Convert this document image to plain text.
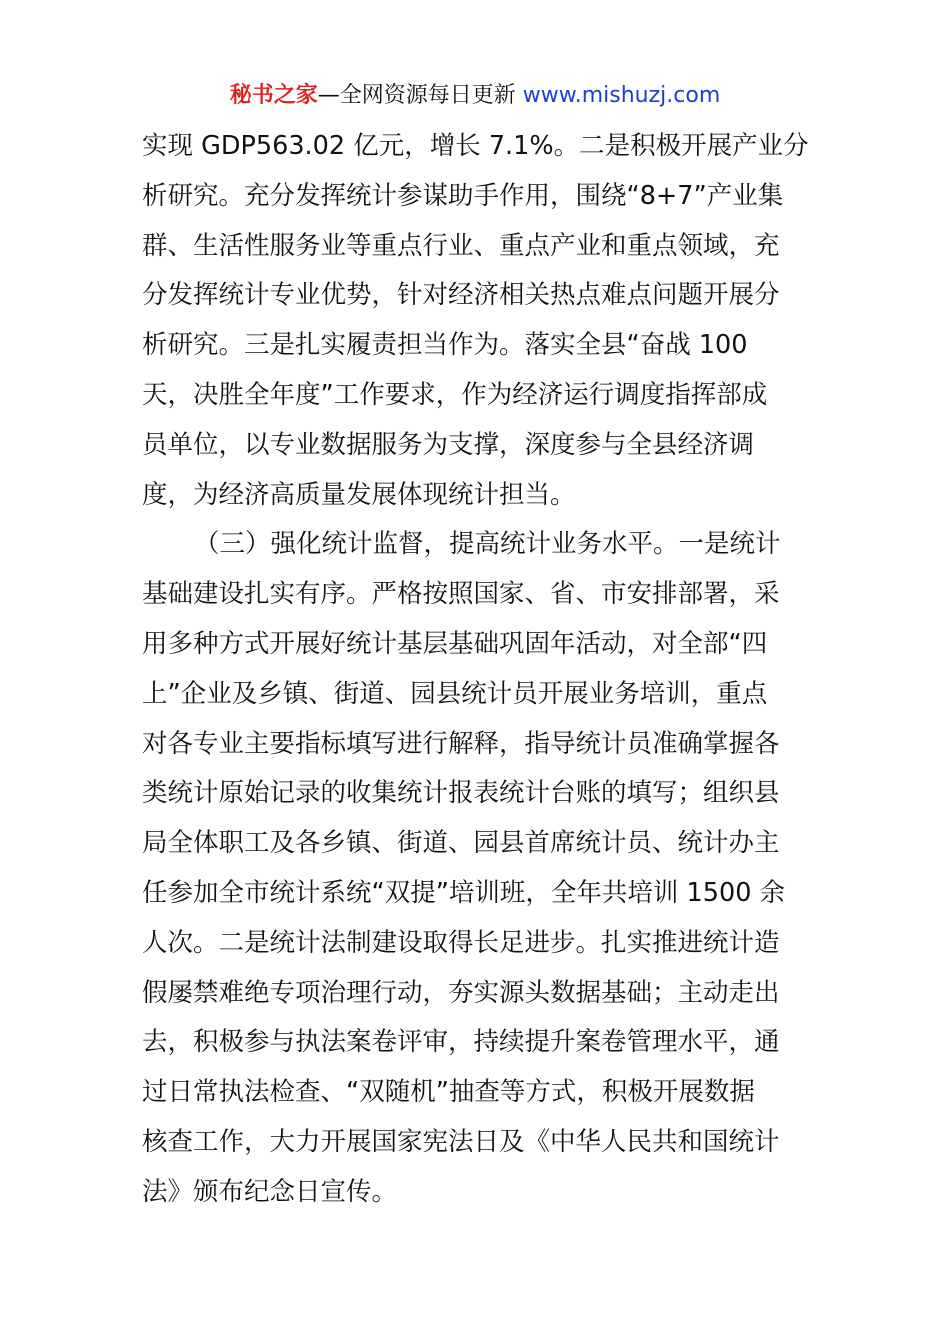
秘书之家—全网资源每日更新 www.mishuzj.com
实现 GDP563.02 亿元，增长 7.1%。二是积极开展产业分
析研究。充分发挥统计参谋助手作用，围绕“8+7”产业集
群、生活性服务业等重点行业、重点产业和重点领域，充
分发挥统计专业优势，针对经济相关热点难点问题开展分
析研究。三是扎实履责担当作为。落实全县“奋战 100
天，决胜全年度”工作要求，作为经济运行调度指挥部成
员单位，以专业数据服务为支撑，深度参与全县经济调
度，为经济高质量发展体现统计担当。
（三）强化统计监督，提高统计业务水平。一是统计
基础建设扎实有序。严格按照国家、省、市安排部署，采
用多种方式开展好统计基层基础巩固年活动，对全部“四
上”企业及乡镇、街道、园县统计员开展业务培训，重点
对各专业主要指标填写进行解释，指导统计员准确掌握各
类统计原始记录的收集统计报表统计台账的填写；组织县
局全体职工及各乡镇、街道、园县首席统计员、统计办主
任参加全市统计系统“双提”培训班，全年共培训 1500 余
人次。二是统计法制建设取得长足进步。扎实推进统计造
假屡禁难绝专项治理行动，夯实源头数据基础；主动走出
去，积极参与执法案卷评审，持续提升案卷管理水平，通
过日常执法检查、“双随机”抽查等方式，积极开展数据
核查工作，大力开展国家宪法日及《中华人民共和国统计
法》颁布纪念日宣传。
